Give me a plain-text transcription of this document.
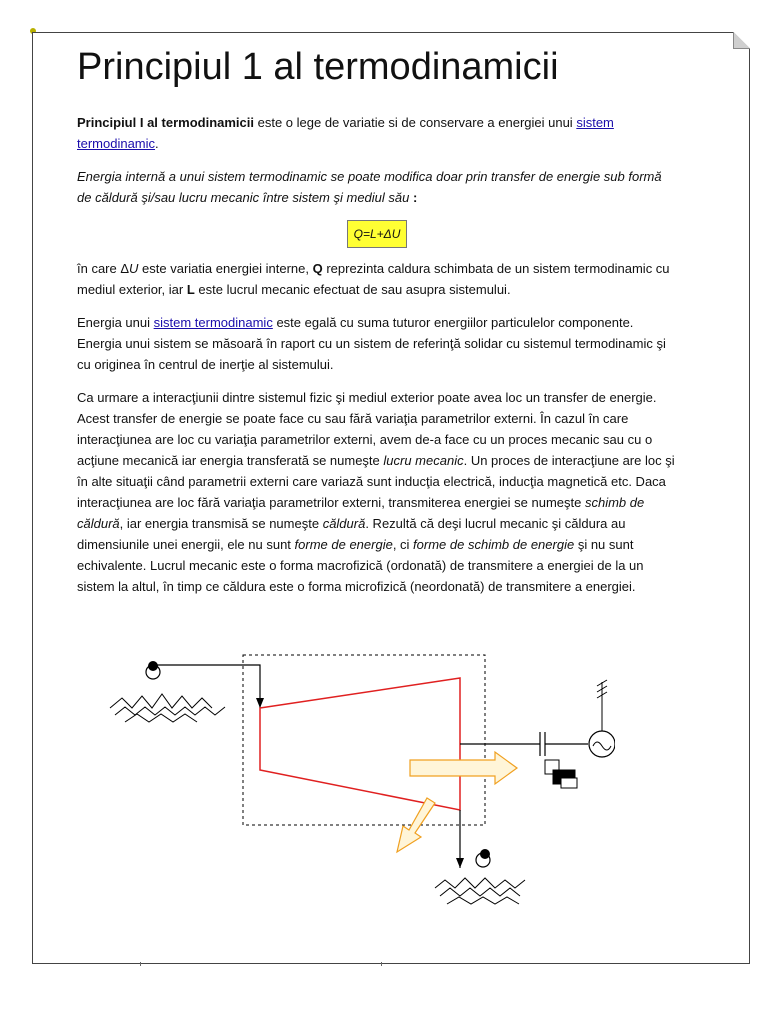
Principiul 1 al termodinamicii

Principiul I al termodinamicii este o lege de variatie si de conservare a energiei unui sistem termodinamic.

Energia internă a unui sistem termodinamic se poate modifica doar prin transfer de energie sub formă de căldură şi/sau lucru mecanic între sistem şi mediul său :

Q=L+ΔU

în care ΔU este variatia energiei interne, Q reprezinta caldura schimbata de un sistem termodinamic cu mediul exterior, iar L este lucrul mecanic efectuat de sau asupra sistemului.

Energia unui sistem termodinamic este egală cu suma tuturor energiilor particulelor componente. Energia unui sistem se măsoară în raport cu un sistem de referinţă solidar cu sistemul termodinamic şi cu originea în centrul de inerţie al sistemului.

Ca urmare a interacţiunii dintre sistemul fizic şi mediul exterior poate avea loc un transfer de energie. Acest transfer de energie se poate face cu sau fără variaţia parametrilor externi. În cazul în care interacţiunea are loc cu variaţia parametrilor externi, avem de-a face cu un proces mecanic sau cu o acţiune mecanică iar energia transferată se numeşte lucru mecanic. Un proces de interacţiune are loc şi în alte situaţii când parametrii externi care variază sunt inducţia electrică, inducţia magnetică etc. Daca interacţiunea are loc fără variaţia parametrilor externi, transmiterea energiei se numeşte schimb de căldură, iar energia transmisă se numeşte căldură. Rezultă că deşi lucrul mecanic şi căldura au dimensiunile unei energii, ele nu sunt forme de energie, ci forme de schimb de energie şi nu sunt echivalente. Lucrul mecanic este o forma macrofizică (ordonată) de transmitere a energiei de la un sistem la altul, în timp ce căldura este o forma microfizică (neordonată) de transmitere a energiei.
